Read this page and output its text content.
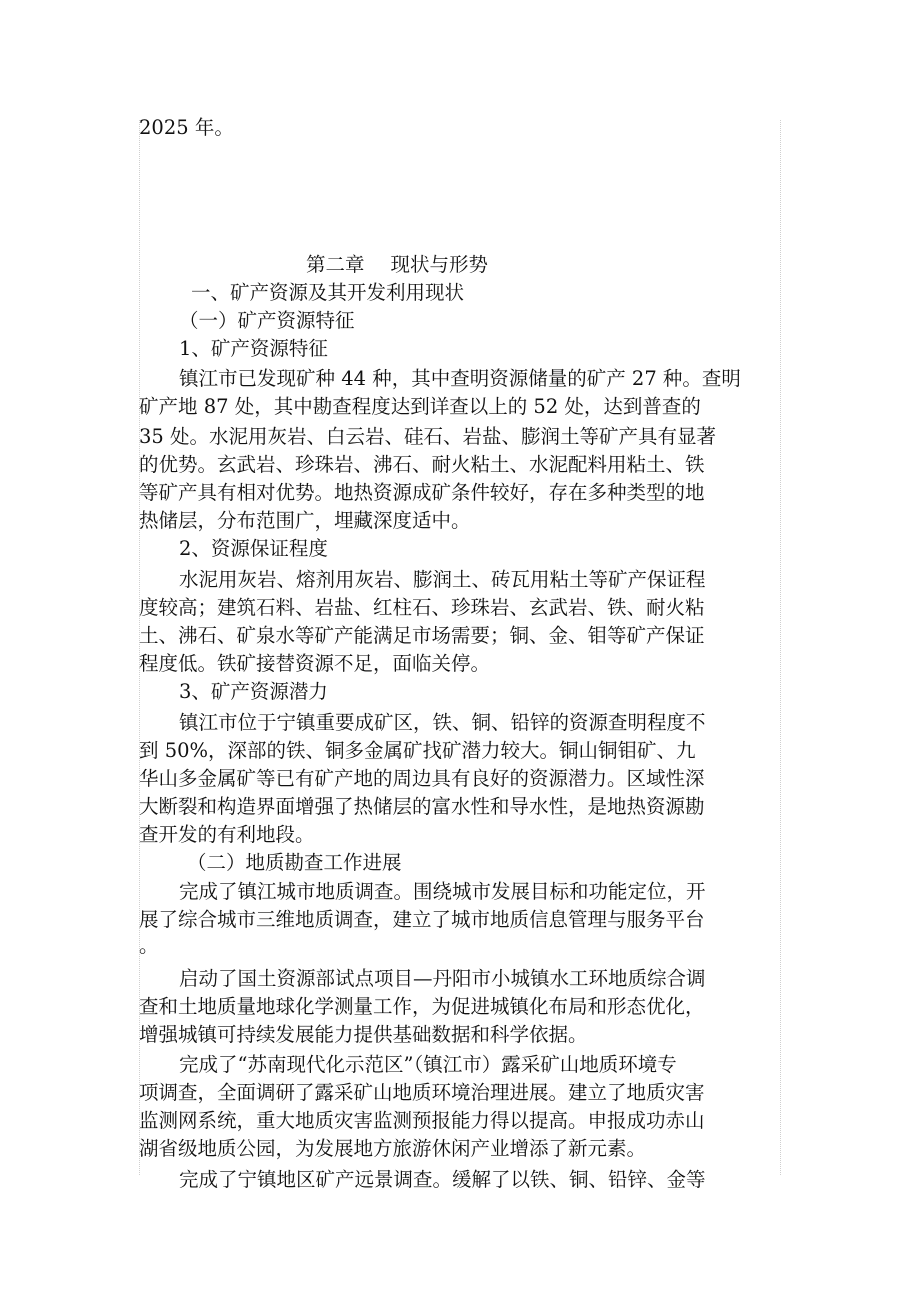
2025 年。
第二章 现状与形势
一、矿产资源及其开发利用现状
（一）矿产资源特征
1、矿产资源特征
镇江市已发现矿种 44 种，其中查明资源储量的矿产 27 种。查明
矿产地 87 处，其中勘查程度达到详查以上的 52 处，达到普查的
35 处。水泥用灰岩、白云岩、硅石、岩盐、膨润土等矿产具有显著
的优势。玄武岩、珍珠岩、沸石、耐火粘土、水泥配料用粘土、铁
等矿产具有相对优势。地热资源成矿条件较好，存在多种类型的地
热储层，分布范围广，埋藏深度适中。
2、资源保证程度
水泥用灰岩、熔剂用灰岩、膨润土、砖瓦用粘土等矿产保证程
度较高；建筑石料、岩盐、红柱石、珍珠岩、玄武岩、铁、耐火粘
土、沸石、矿泉水等矿产能满足市场需要；铜、金、钼等矿产保证
程度低。铁矿接替资源不足，面临关停。
3、矿产资源潜力
镇江市位于宁镇重要成矿区，铁、铜、铅锌的资源查明程度不
到 50%，深部的铁、铜多金属矿找矿潜力较大。铜山铜钼矿、九
华山多金属矿等已有矿产地的周边具有良好的资源潜力。区域性深
大断裂和构造界面增强了热储层的富水性和导水性，是地热资源勘
查开发的有利地段。
（二）地质勘查工作进展
完成了镇江城市地质调查。围绕城市发展目标和功能定位，开
展了综合城市三维地质调查，建立了城市地质信息管理与服务平台
。
启动了国土资源部试点项目—丹阳市小城镇水工环地质综合调
查和土地质量地球化学测量工作，为促进城镇化布局和形态优化，
增强城镇可持续发展能力提供基础数据和科学依据。
完成了“苏南现代化示范区”（镇江市）露采矿山地质环境专
项调查，全面调研了露采矿山地质环境治理进展。建立了地质灾害
监测网系统，重大地质灾害监测预报能力得以提高。申报成功赤山
湖省级地质公园，为发展地方旅游休闲产业增添了新元素。
完成了宁镇地区矿产远景调查。缓解了以铁、铜、铅锌、金等
